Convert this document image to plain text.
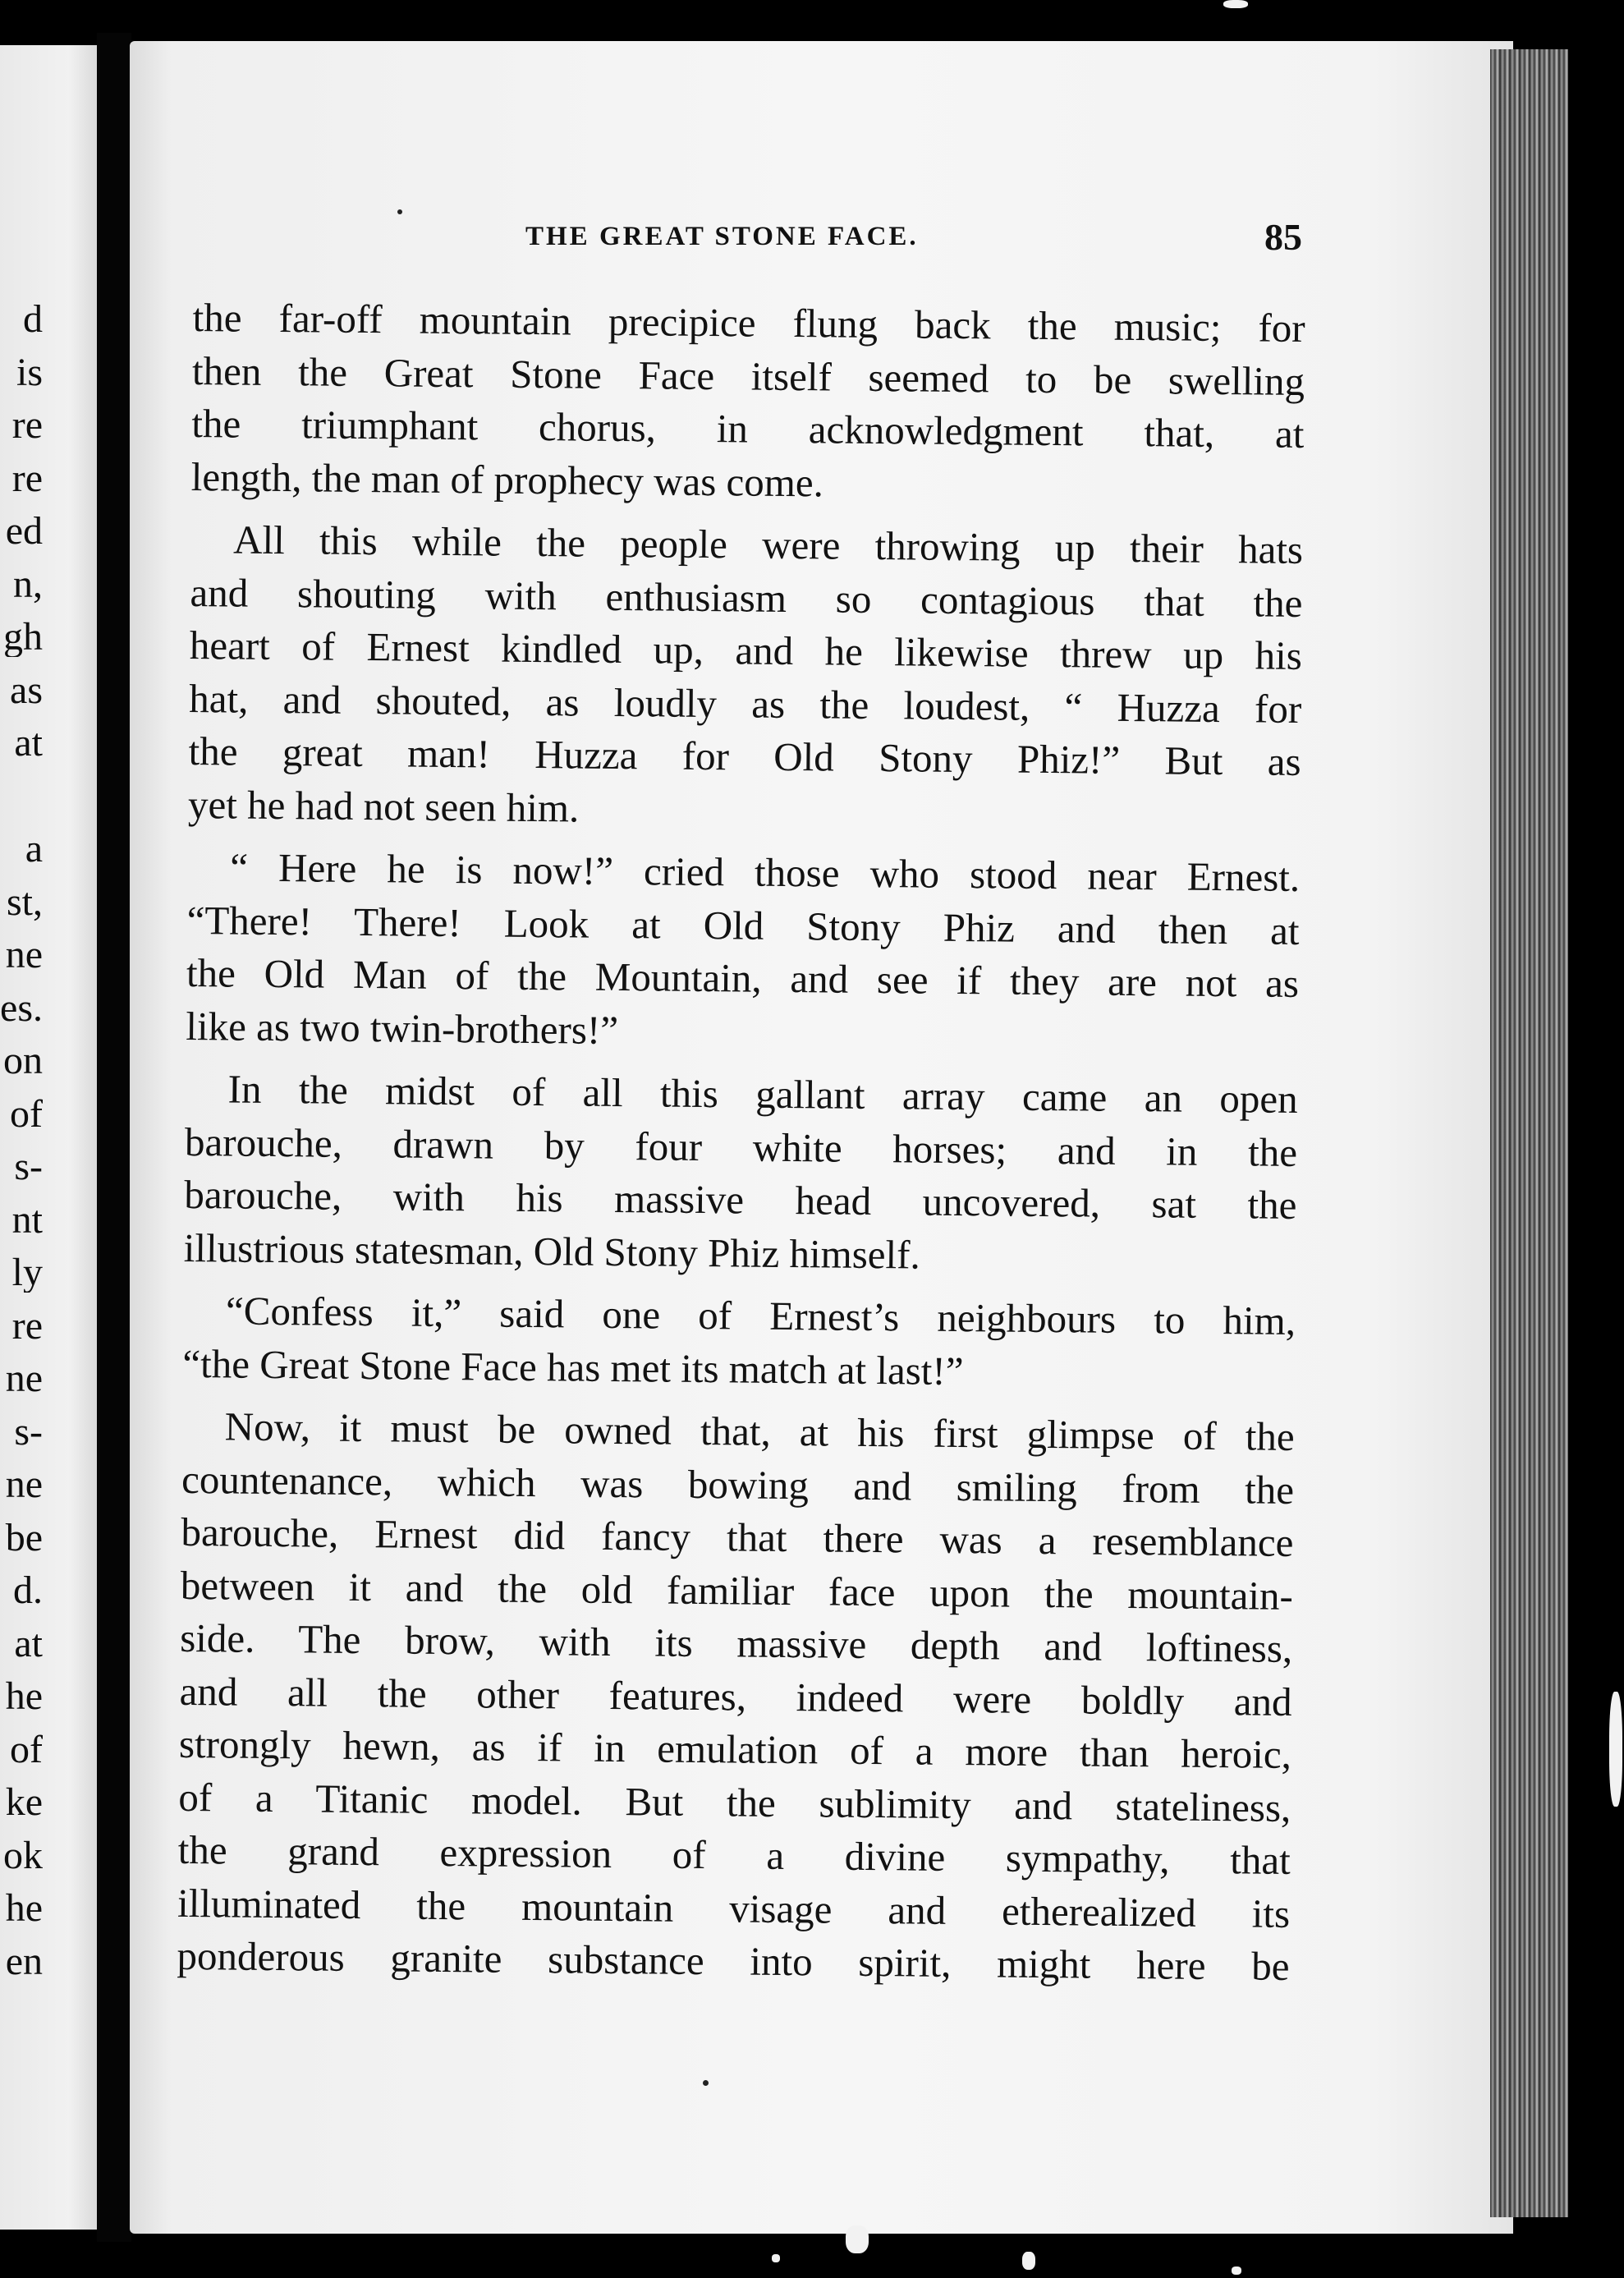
d
is
re
re
ed
n,
gh
as
at
a
st,
ne
es.
on
of
s-
nt
ly
re
ne
s-
ne
be
d.
at
he
of
ke
ok
he
en
THE GREAT STONE FACE.	85
the far-off mountain precipice flung back the music; for
then the Great Stone Face itself seemed to be swelling
the triumphant chorus, in acknowledgment that, at
length, the man of prophecy was come.
All this while the people were throwing up their hats
and shouting with enthusiasm so contagious that the
heart of Ernest kindled up, and he likewise threw up his
hat, and shouted, as loudly as the loudest, “ Huzza for
the great man! Huzza for Old Stony Phiz!” But as
yet he had not seen him.
“ Here he is now!” cried those who stood near Ernest.
“There! There! Look at Old Stony Phiz and then at
the Old Man of the Mountain, and see if they are not as
like as two twin-brothers!”
In the midst of all this gallant array came an open
barouche, drawn by four white horses; and in the
barouche, with his massive head uncovered, sat the
illustrious statesman, Old Stony Phiz himself.
“Confess it,” said one of Ernest’s neighbours to him,
“the Great Stone Face has met its match at last!”
Now, it must be owned that, at his first glimpse of the
countenance, which was bowing and smiling from the
barouche, Ernest did fancy that there was a resemblance
between it and the old familiar face upon the mountain-
side. The brow, with its massive depth and loftiness,
and all the other features, indeed were boldly and
strongly hewn, as if in emulation of a more than heroic,
of a Titanic model. But the sublimity and stateliness,
the grand expression of a divine sympathy, that
illuminated the mountain visage and etherealized its
ponderous granite substance into spirit, might here be
